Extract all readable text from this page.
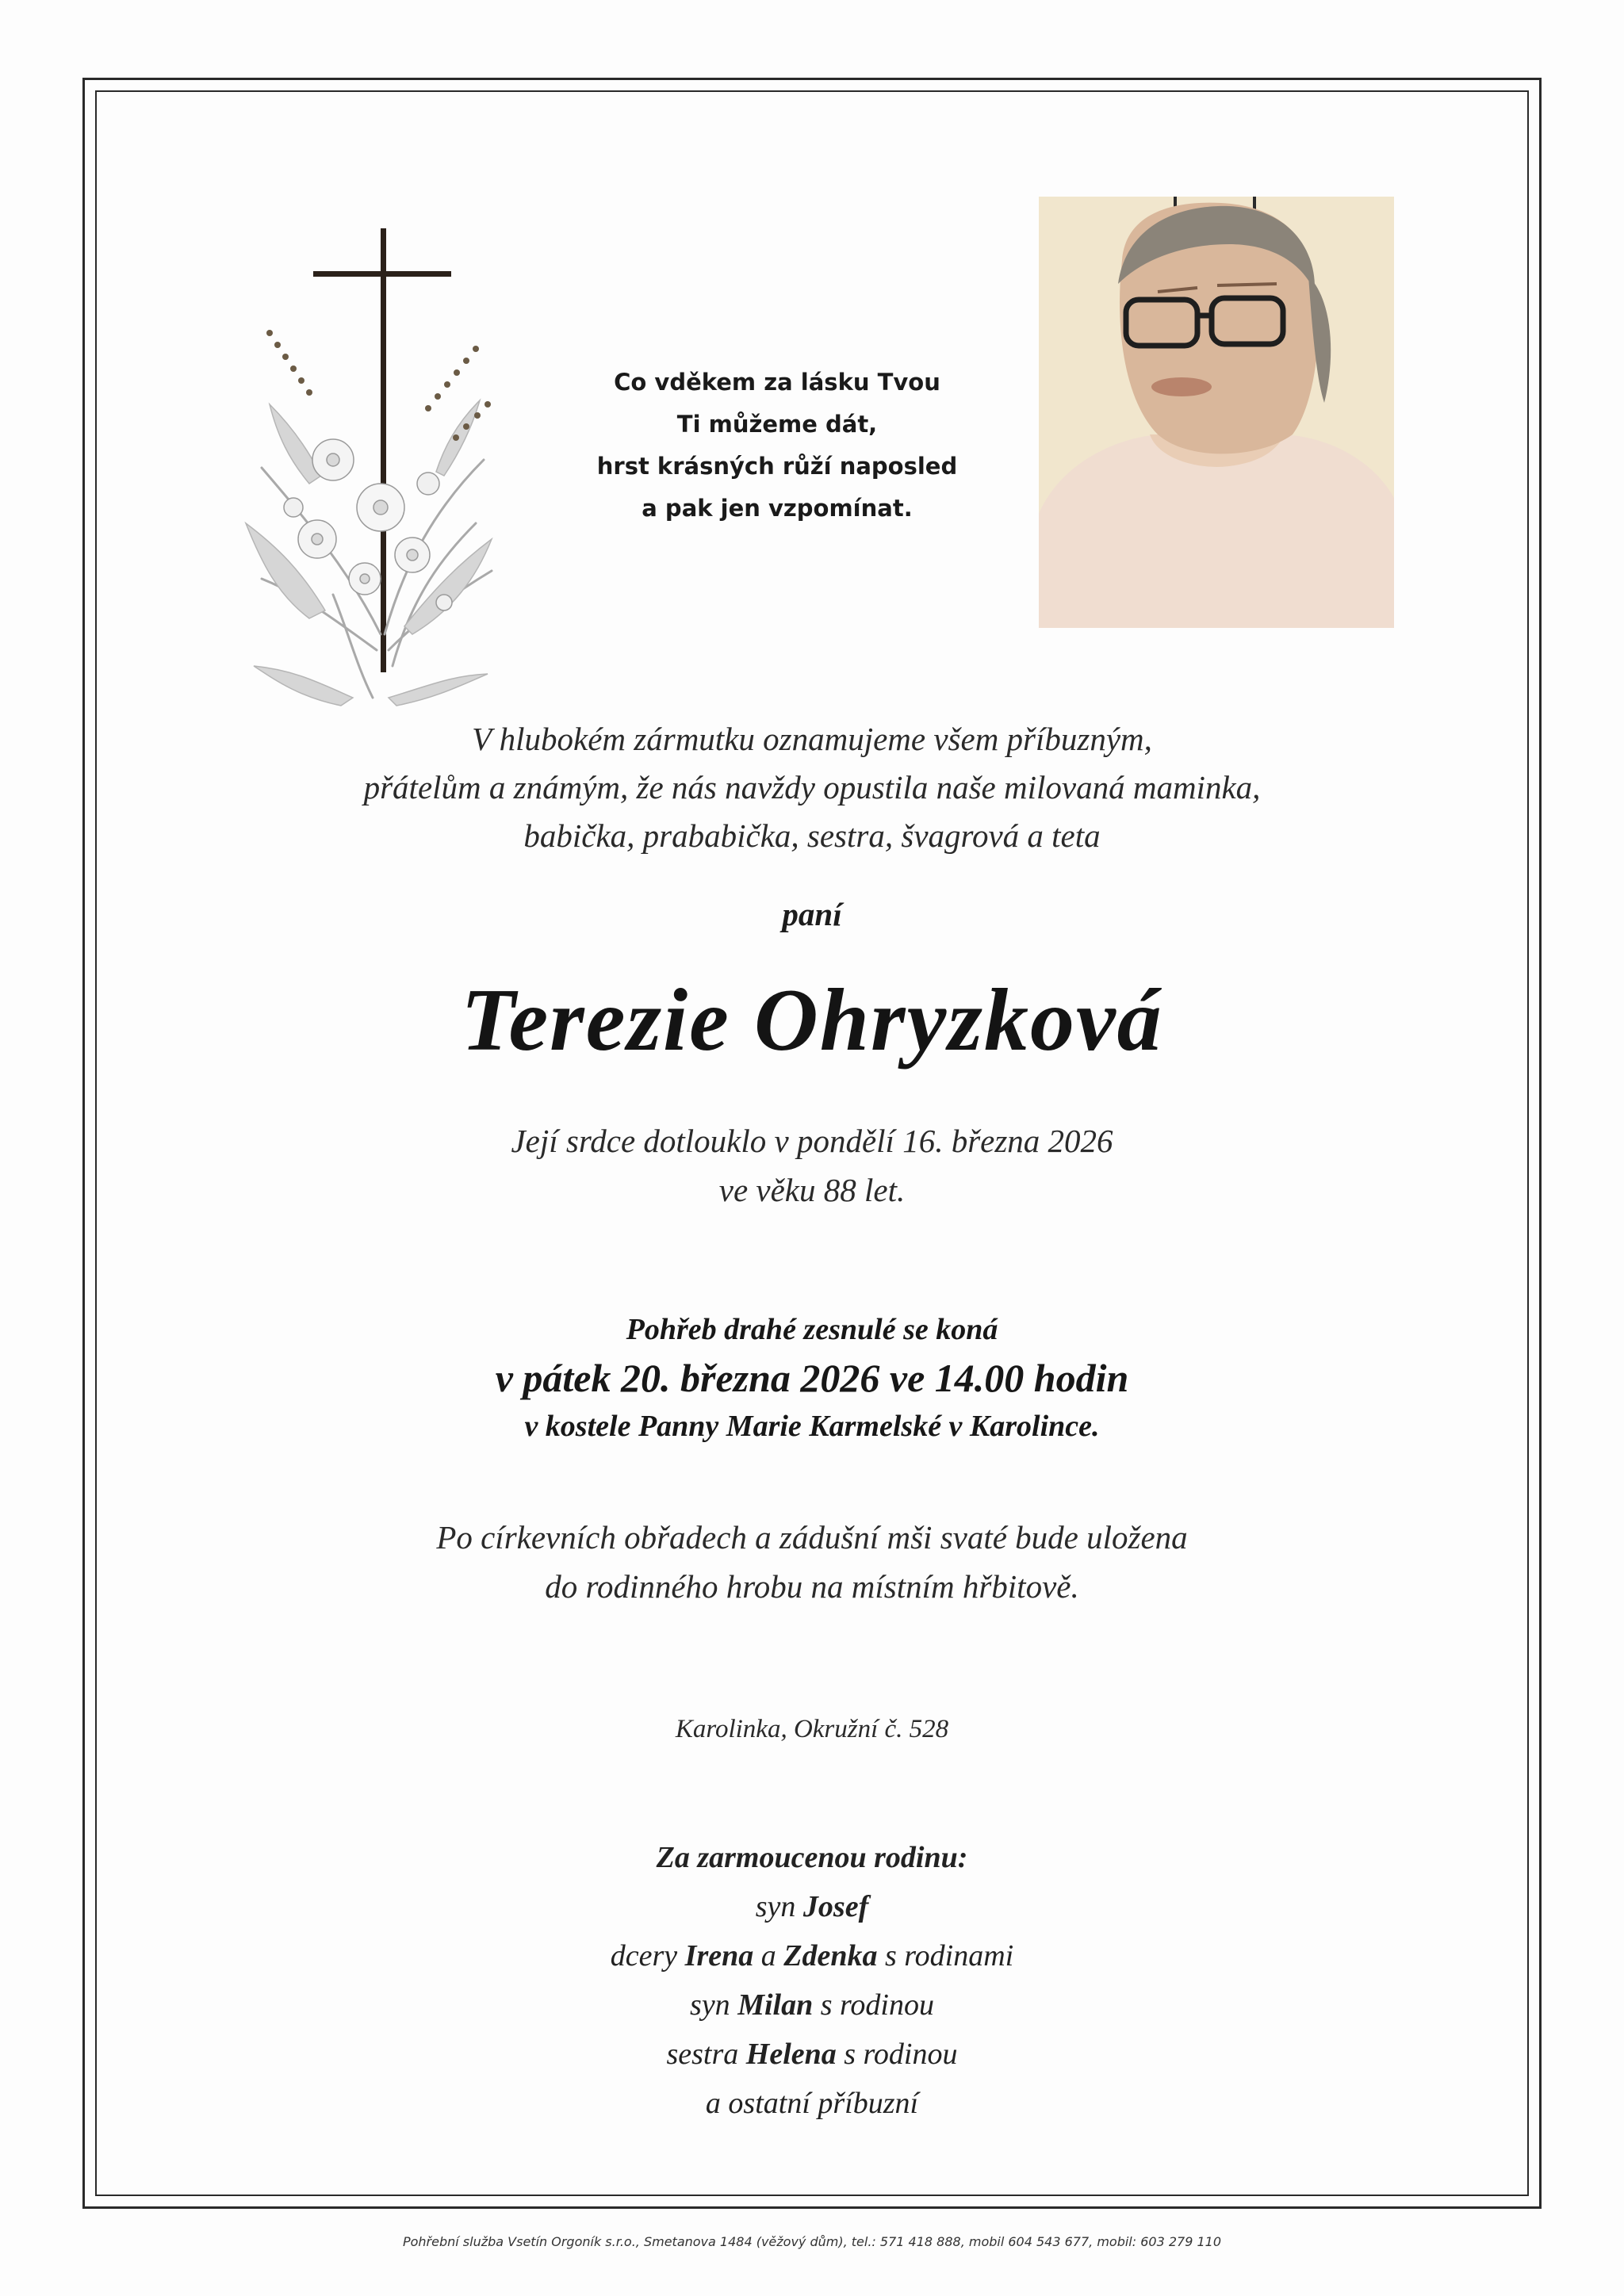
Co vděkem za lásku Tvou
Ti můžeme dát,
hrst krásných růží naposled
a pak jen vzpomínat.
V hlubokém zármutku oznamujeme všem příbuzným,
přátelům a známým, že nás navždy opustila naše milovaná maminka,
babička, prababička, sestra, švagrová a teta
paní
Terezie Ohryzková
Její srdce dotlouklo v pondělí 16. března 2026
ve věku 88 let.
Pohřeb drahé zesnulé se koná
v pátek 20. března 2026 ve 14.00 hodin
v kostele Panny Marie Karmelské v Karolince.
Po církevních obřadech a zádušní mši svaté bude uložena
do rodinného hrobu na místním hřbitově.
Karolinka, Okružní č. 528
Za zarmoucenou rodinu:
syn Josef
dcery Irena a Zdenka s rodinami
syn Milan s rodinou
sestra Helena s rodinou
a ostatní příbuzní
Pohřební služba Vsetín Orgoník s.r.o., Smetanova 1484 (věžový dům), tel.: 571 418 888, mobil 604 543 677, mobil: 603 279 110
